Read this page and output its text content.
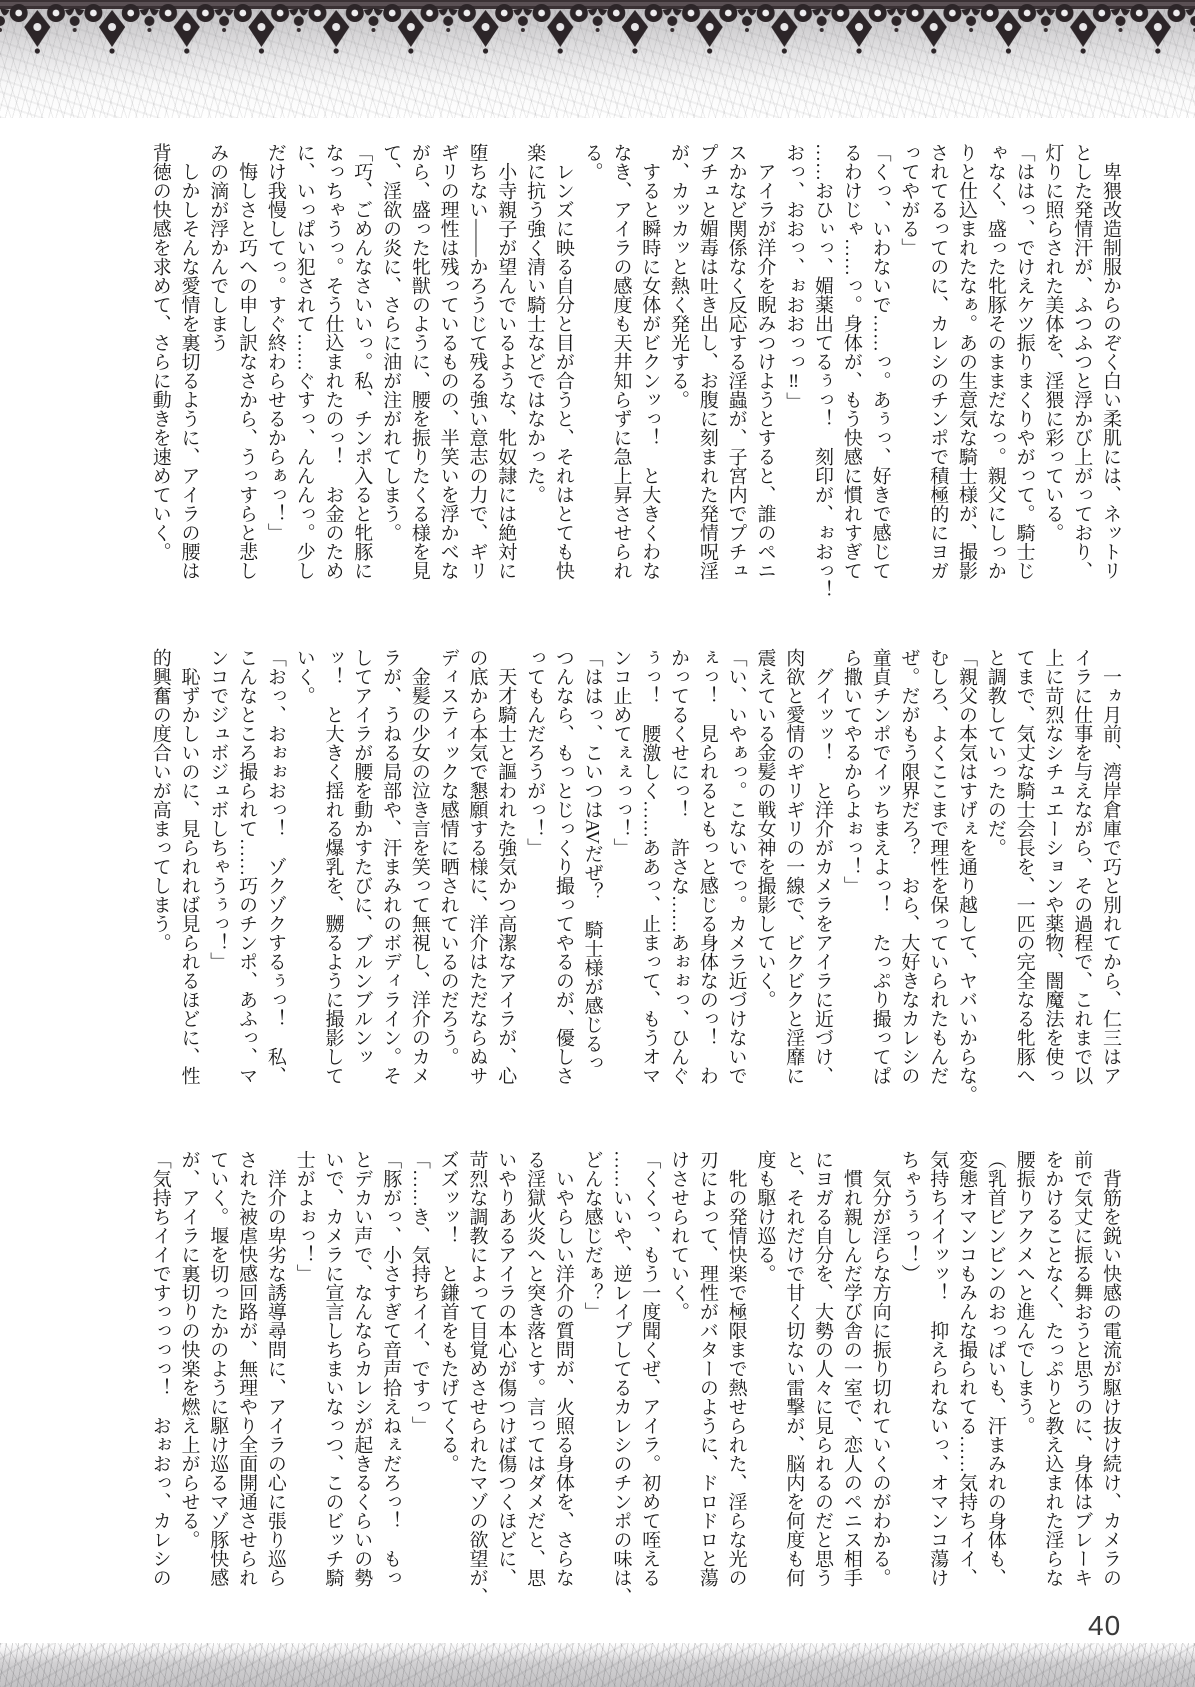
　卑猥改造制服からのぞく白い柔肌には、ネットリ

とした発情汗が、ふつふつと浮かび上がっており、

灯りに照らされた美体を、淫猥に彩っている。

「ははっ、でけえケツ振りまくりやがって。騎士じ

ゃなく、盛った牝豚そのままだなっ。親父にしっか

りと仕込まれたなぁ。あの生意気な騎士様が、撮影

されてるってのに、カレシのチンポで積極的にヨガ

ってやがる」

「くっ、いわないで……っ。あぅっ、好きで感じて

るわけじゃ……っ。身体が、もう快感に慣れすぎて

……おひぃっ、媚薬出てるぅっ！　刻印が、ぉおっ！

おっ、おおっ、ぉおおっっ‼」

　アイラが洋介を睨みつけようとすると、誰のペニ

スかなど関係なく反応する淫蟲が、子宮内でプチュ

プチュと媚毒は吐き出し、お腹に刻まれた発情呪淫

が、カッカッと熱く発光する。

　すると瞬時に女体がビクンッっ！　と大きくわな

なき、アイラの感度も天井知らずに急上昇させられ

る。

　レンズに映る自分と目が合うと、それはとても快

楽に抗う強く清い騎士などではなかった。

　小寺親子が望んでいるような、牝奴隷には絶対に

堕ちない——かろうじて残る強い意志の力で、ギリ

ギリの理性は残っているものの、半笑いを浮かべな

がら、盛った牝獣のように、腰を振りたくる様を見

て、淫欲の炎に、さらに油が注がれてしまう。

「巧、ごめんなさいいっ。私、チンポ入ると牝豚に

なっちゃうっ。そう仕込まれたのっ！　お金のため

に、いっぱい犯されて……ぐすっ、んんんっ。少し

だけ我慢してっ。すぐ終わらせるからぁっ！」

　悔しさと巧への申し訳なさから、うっすらと悲し

みの滴が浮かんでしまう

　しかしそんな愛情を裏切るように、アイラの腰は

背徳の快感を求めて、さらに動きを速めていく。

　一ヵ月前、湾岸倉庫で巧と別れてから、仁三はア

イラに仕事を与えながら、その過程で、これまで以

上に苛烈なシチュエーションや薬物、闇魔法を使っ

てまで、気丈な騎士会長を、一匹の完全なる牝豚へ

と調教していったのだ。

「親父の本気はすげぇを通り越して、ヤバいからな。

むしろ、よくここまで理性を保っていられたもんだ

ぜ。だがもう限界だろ？　おら、大好きなカレシの

童貞チンポでイッちまえよっ！　たっぷり撮ってぱ

ら撒いてやるからよぉっ！」

　グイッッ！　と洋介がカメラをアイラに近づけ、

肉欲と愛情のギリギリの一線で、ビクビクと淫靡に

震えている金髪の戦女神を撮影していく。

「い、いやぁっ。こないでっ。カメラ近づけないで

ぇっ！　見られるともっと感じる身体なのっ！　わ

かってるくせにっ！　許さな……あぉぉっ、ひんぐ

ぅっ！　腰激しく……ああっ、止まって、もうオマ

ンコ止めてぇぇっっ！」

「ははっ、こいつはAVだぜ？　騎士様が感じるっ

つんなら、もっとじっくり撮ってやるのが、優しさ

ってもんだろうがっ！」

　天才騎士と謳われた強気かつ高潔なアイラが、心

の底から本気で懇願する様に、洋介はただならぬサ

ディスティックな感情に晒されているのだろう。

　金髪の少女の泣き言を笑って無視し、洋介のカメ

ラが、うねる局部や、汗まみれのボディライン。そ

してアイラが腰を動かすたびに、ブルンブルンッ

ッ！　と大きく揺れる爆乳を、嬲るように撮影して

いく。

「おっ、おぉぉおっ！　ゾクゾクするぅっ！　私、

こんなところ撮られて……巧のチンポ、あふっ、マ

ンコでジュボジュボしちゃうぅっ！」

　恥ずかしいのに、見られれば見られるほどに、性

的興奮の度合いが高まってしまう。

　背筋を鋭い快感の電流が駆け抜け続け、カメラの

前で気丈に振る舞おうと思うのに、身体はブレーキ

をかけることなく、たっぷりと教え込まれた淫らな

腰振りアクメへと進んでしまう。

（乳首ビンビンのおっぱいも、汗まみれの身体も、

変態オマンコもみんな撮られてる……気持ちイイ、

気持ちイイッッ！　抑えられないっ、オマンコ蕩け

ちゃうぅっ！）

　気分が淫らな方向に振り切れていくのがわかる。

　慣れ親しんだ学び舎の一室で、恋人のペニス相手

にヨガる自分を、大勢の人々に見られるのだと思う

と、それだけで甘く切ない雷撃が、脳内を何度も何

度も駆け巡る。

　牝の発情快楽で極限まで熱せられた、淫らな光の

刃によって、理性がバターのように、ドロドロと蕩

けさせられていく。

「くくっ、もう一度聞くぜ、アイラ。初めて咥える

……いいや、逆レイプしてるカレシのチンポの味は、

どんな感じだぁ？」

　いやらしい洋介の質問が、火照る身体を、さらな

る淫獄火炎へと突き落とす。言ってはダメだと、思

いやりあるアイラの本心が傷つけば傷つくほどに、

苛烈な調教によって目覚めさせられたマゾの欲望が、

ズズッッ！　と鎌首をもたげてくる。

「……き、気持ちイイ、ですっ」

「豚がっ、小さすぎて音声拾えねぇだろっ！　もっ

とデカい声で、なんならカレシが起きるくらいの勢

いで、カメラに宣言しちまいなっつ、このビッチ騎

士がよぉっ！」

　洋介の卑劣な誘導尋問に、アイラの心に張り巡ら

された被虐快感回路が、無理やり全面開通させられ

ていく。堰を切ったかのように駆け巡るマゾ豚快感

が、アイラに裏切りの快楽を燃え上がらせる。

「気持ちイイですっっっっ！　おぉおっ、カレシの

40
